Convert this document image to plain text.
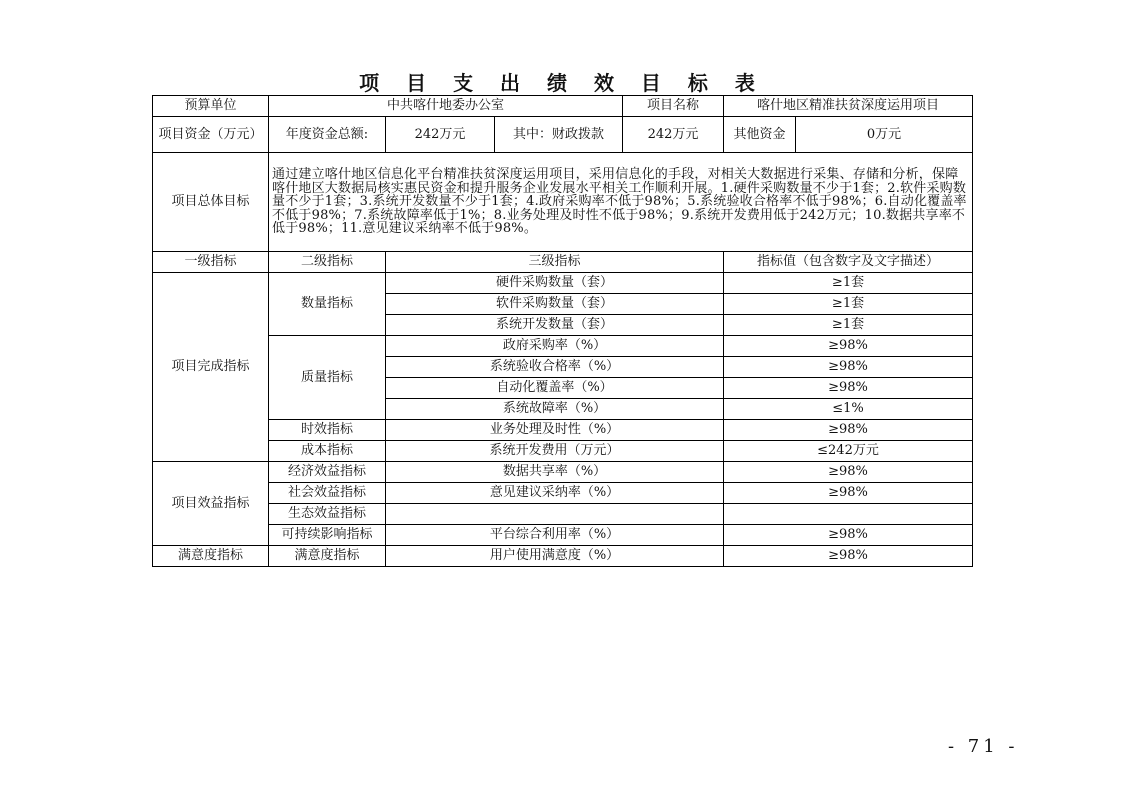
项 目 支 出 绩 效 目 标 表
预算单位	中共喀什地委办公室			项目名称	喀什地区精准扶贫深度运用项目	
项目资金（万元）	年度资金总额:	242万元	其中：财政拨款	242万元	其他资金	0万元
项目总体目标	通过建立喀什地区信息化平台精准扶贫深度运用项目，采用信息化的手段，对相关大数据进行采集、存储和分析，保障喀什地区大数据局核实惠民资金和提升服务企业发展水平相关工作顺利开展。1.硬件采购数量不少于1套；2.软件采购数量不少于1套；3.系统开发数量不少于1套；4.政府采购率不低于98%；5.系统验收合格率不低于98%；6.自动化覆盖率不低于98%；7.系统故障率低于1%；8.业务处理及时性不低于98%；9.系统开发费用低于242万元；10.数据共享率不低于98%；11.意见建议采纳率不低于98%。					
一级指标	二级指标	三级指标			指标值（包含数字及文字描述）	
项目完成指标	数量指标	硬件采购数量（套）			≥1套	
		软件采购数量（套）			≥1套	
		系统开发数量（套）			≥1套	
	质量指标	政府采购率（%）			≥98%	
		系统验收合格率（%）			≥98%	
		自动化覆盖率（%）			≥98%	
		系统故障率（%）			≤1%	
	时效指标	业务处理及时性（%）			≥98%	
	成本指标	系统开发费用（万元）			≤242万元	
项目效益指标	经济效益指标	数据共享率（%）			≥98%	
	社会效益指标	意见建议采纳率（%）			≥98%	
	生态效益指标					
	可持续影响指标	平台综合利用率（%）			≥98%	
满意度指标	满意度指标	用户使用满意度（%）			≥98%	
- 71 -
